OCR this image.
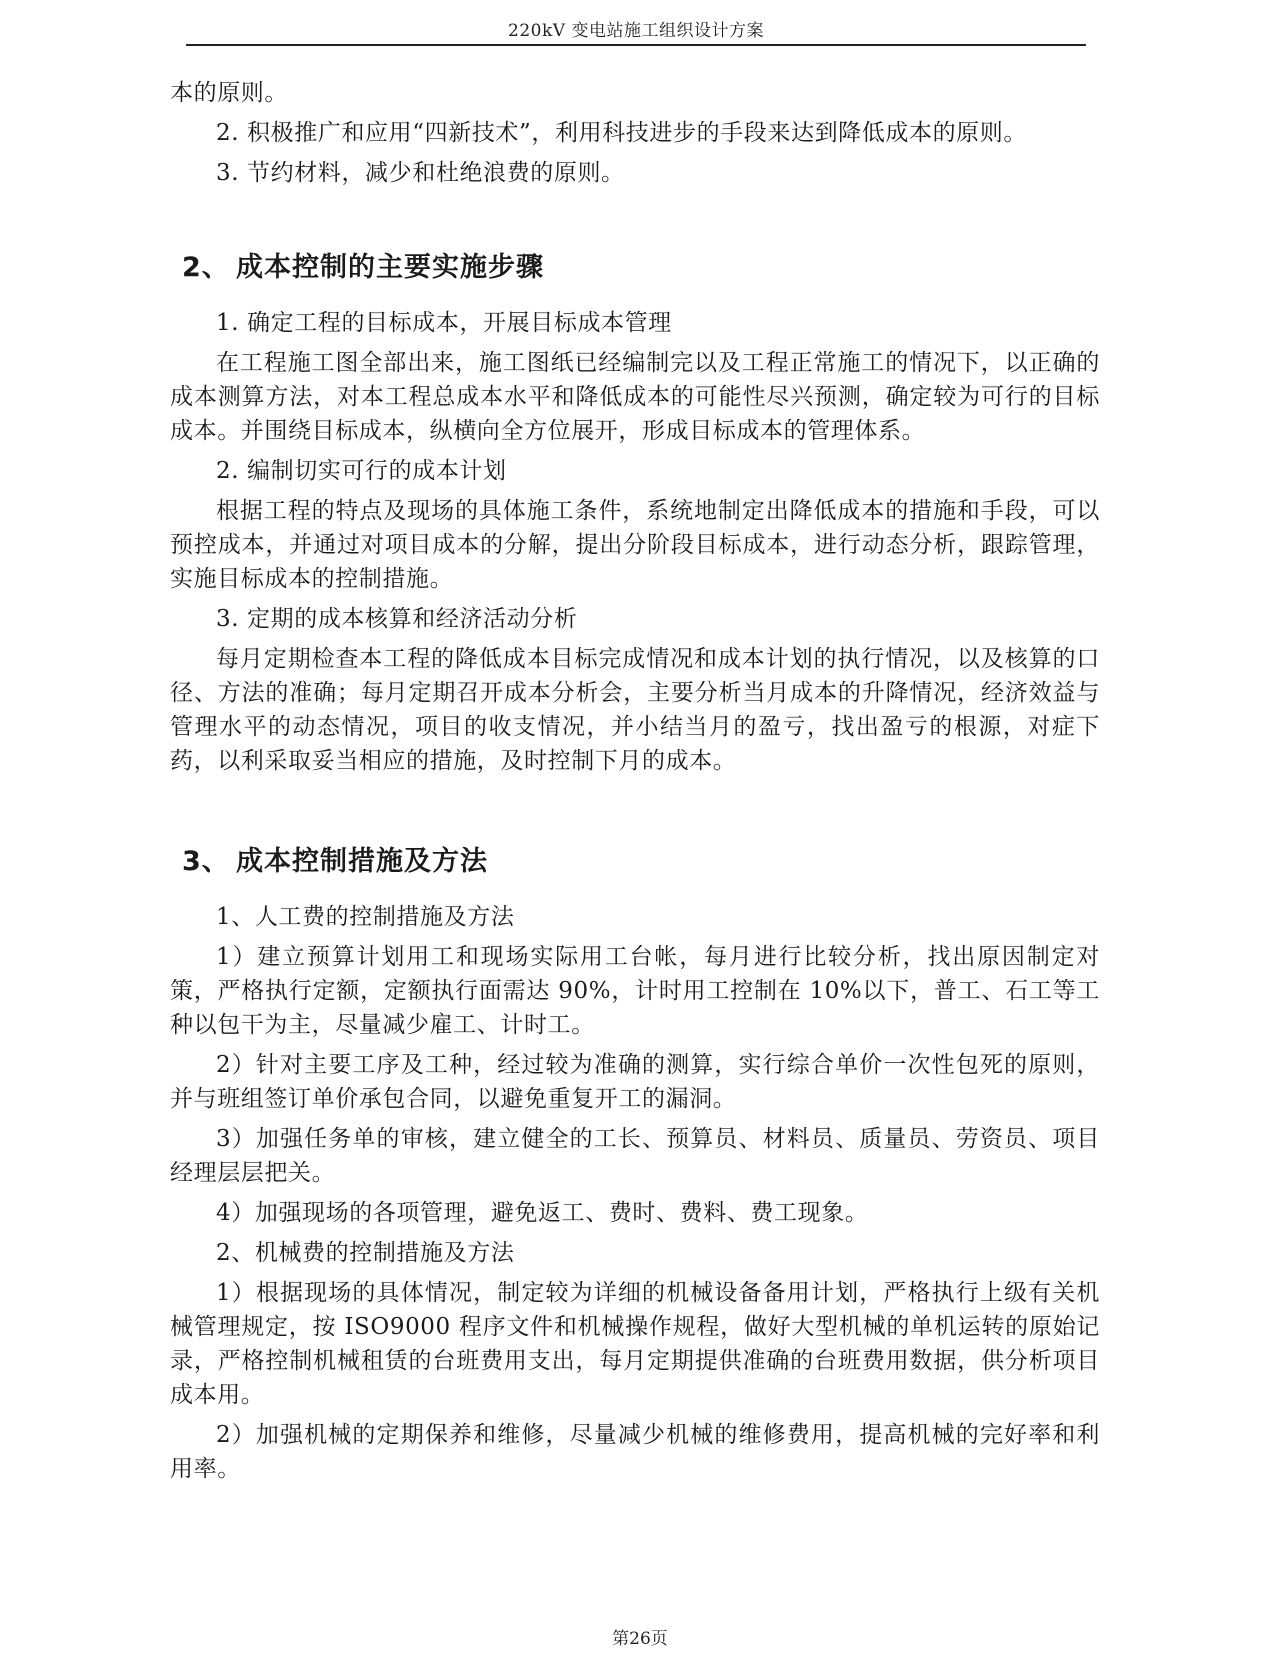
220kV 变电站施工组织设计方案

本的原则。

2. 积极推广和应用“四新技术”，利用科技进步的手段来达到降低成本的原则。

3. 节约材料，减少和杜绝浪费的原则。

2、 成本控制的主要实施步骤

1. 确定工程的目标成本，开展目标成本管理

在工程施工图全部出来，施工图纸已经编制完以及工程正常施工的情况下，以正确的成本测算方法，对本工程总成本水平和降低成本的可能性尽兴预测，确定较为可行的目标成本。并围绕目标成本，纵横向全方位展开，形成目标成本的管理体系。

2. 编制切实可行的成本计划

根据工程的特点及现场的具体施工条件，系统地制定出降低成本的措施和手段，可以预控成本，并通过对项目成本的分解，提出分阶段目标成本，进行动态分析，跟踪管理，实施目标成本的控制措施。

3. 定期的成本核算和经济活动分析

每月定期检查本工程的降低成本目标完成情况和成本计划的执行情况，以及核算的口径、方法的准确；每月定期召开成本分析会，主要分析当月成本的升降情况，经济效益与管理水平的动态情况，项目的收支情况，并小结当月的盈亏，找出盈亏的根源，对症下药，以利采取妥当相应的措施，及时控制下月的成本。

3、 成本控制措施及方法

1、人工费的控制措施及方法

1）建立预算计划用工和现场实际用工台帐，每月进行比较分析，找出原因制定对策，严格执行定额，定额执行面需达 90%，计时用工控制在 10%以下，普工、石工等工种以包干为主，尽量减少雇工、计时工。

2）针对主要工序及工种，经过较为准确的测算，实行综合单价一次性包死的原则，并与班组签订单价承包合同，以避免重复开工的漏洞。

3）加强任务单的审核，建立健全的工长、预算员、材料员、质量员、劳资员、项目经理层层把关。

4）加强现场的各项管理，避免返工、费时、费料、费工现象。

2、机械费的控制措施及方法

1）根据现场的具体情况，制定较为详细的机械设备备用计划，严格执行上级有关机械管理规定，按 ISO9000 程序文件和机械操作规程，做好大型机械的单机运转的原始记录，严格控制机械租赁的台班费用支出，每月定期提供准确的台班费用数据，供分析项目成本用。

2）加强机械的定期保养和维修，尽量减少机械的维修费用，提高机械的完好率和利用率。

第26页
